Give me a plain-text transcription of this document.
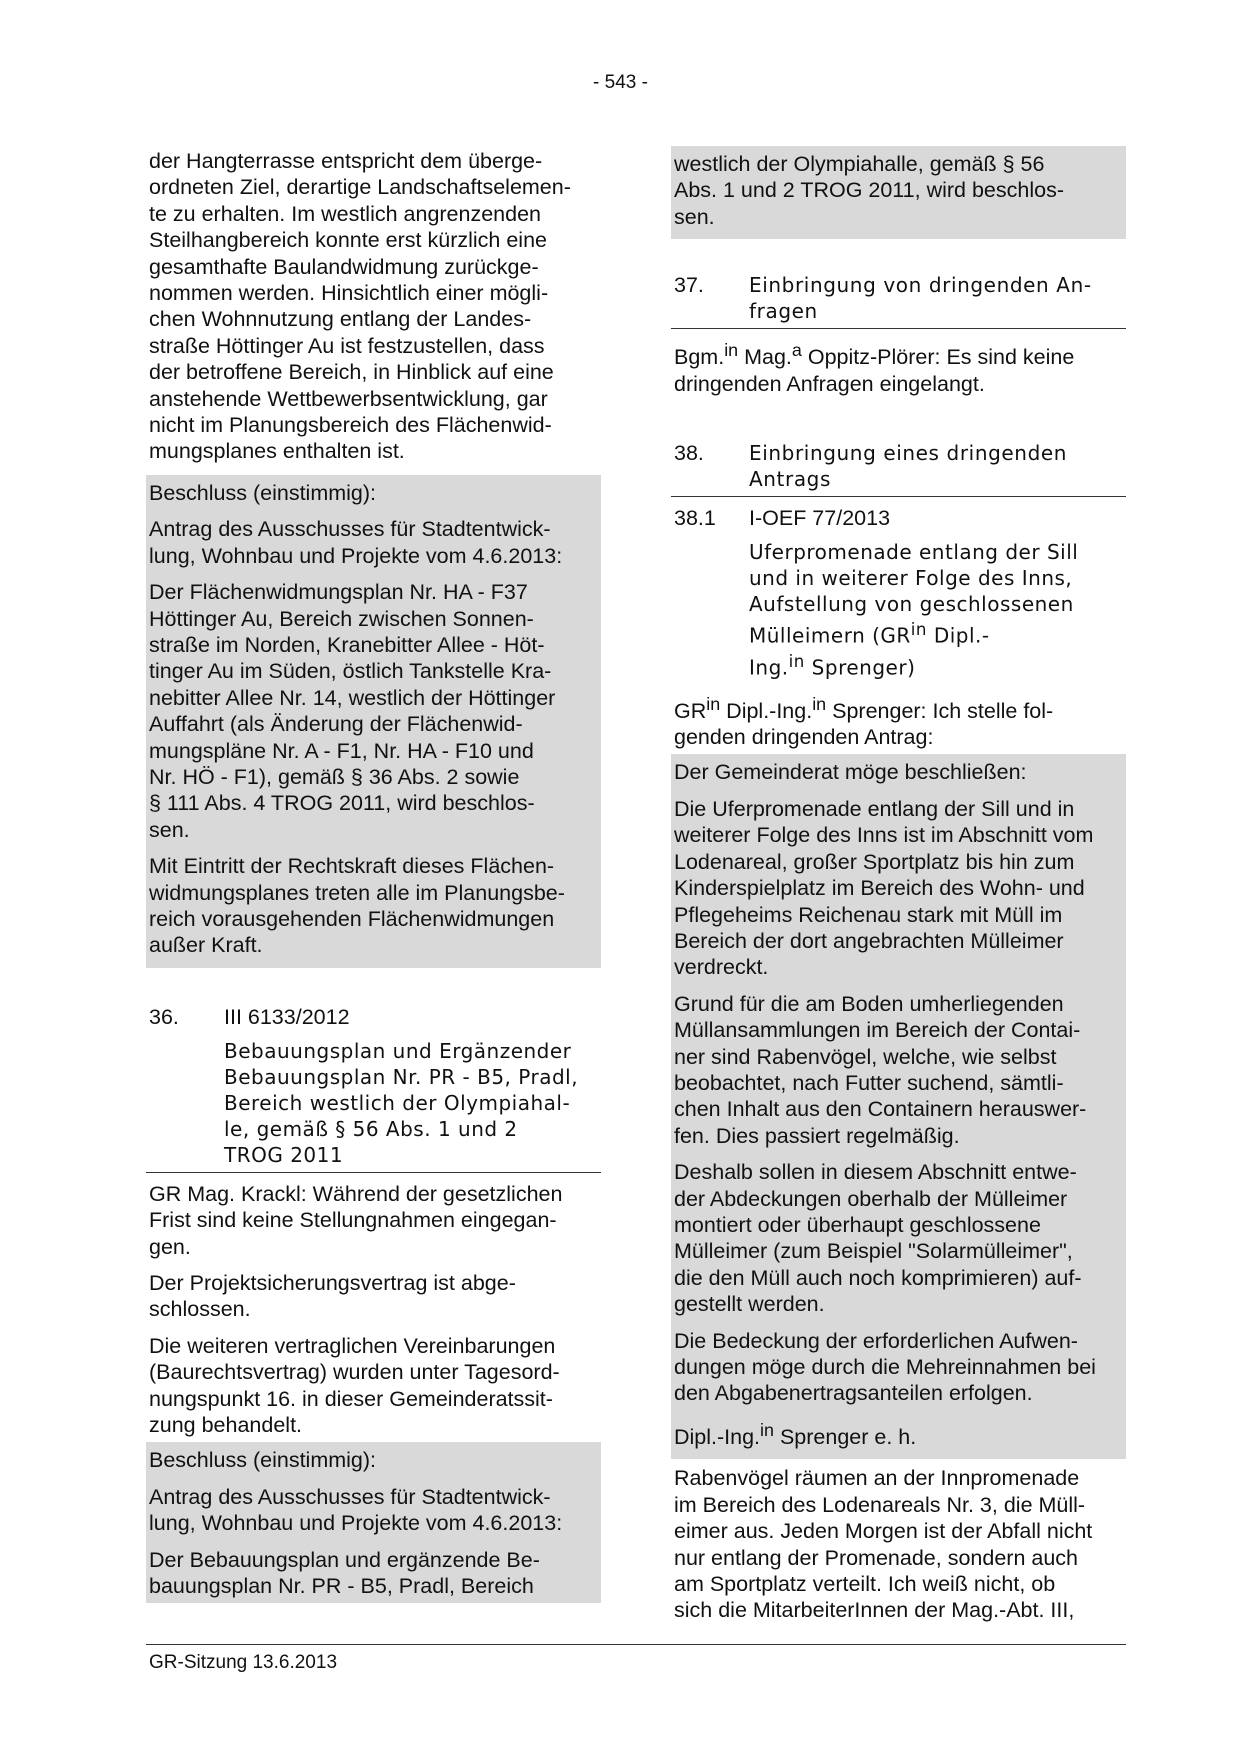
- 543 -
der Hangterrasse entspricht dem überge-
ordneten Ziel, derartige Landschaftselemen-
te zu erhalten. Im westlich angrenzenden
Steilhangbereich konnte erst kürzlich eine
gesamthafte Baulandwidmung zurückge-
nommen werden. Hinsichtlich einer mögli-
chen Wohnnutzung entlang der Landes-
straße Höttinger Au ist festzustellen, dass
der betroffene Bereich, in Hinblick auf eine
anstehende Wettbewerbsentwicklung, gar
nicht im Planungsbereich des Flächenwid-
mungsplanes enthalten ist.
Beschluss (einstimmig):
Antrag des Ausschusses für Stadtentwick-
lung, Wohnbau und Projekte vom 4.6.2013:
Der Flächenwidmungsplan Nr. HA - F37
Höttinger Au, Bereich zwischen Sonnen-
straße im Norden, Kranebitter Allee - Höt-
tinger Au im Süden, östlich Tankstelle Kra-
nebitter Allee Nr. 14, westlich der Höttinger
Auffahrt (als Änderung der Flächenwid-
mungspläne Nr. A - F1, Nr. HA - F10 und
Nr. HÖ - F1), gemäß § 36 Abs. 2 sowie
§ 111 Abs. 4 TROG 2011, wird beschlos-
sen.
Mit Eintritt der Rechtskraft dieses Flächen-
widmungsplanes treten alle im Planungsbe-
reich vorausgehenden Flächenwidmungen
außer Kraft.
36.	III 6133/2012
Bebauungsplan und Ergänzender
Bebauungsplan Nr. PR - B5, Pradl,
Bereich westlich der Olympiahal-
le, gemäß § 56 Abs. 1 und 2
TROG 2011
GR Mag. Krackl: Während der gesetzlichen
Frist sind keine Stellungnahmen eingegan-
gen.
Der Projektsicherungsvertrag ist abge-
schlossen.
Die weiteren vertraglichen Vereinbarungen
(Baurechtsvertrag) wurden unter Tagesord-
nungspunkt 16. in dieser Gemeinderatssit-
zung behandelt.
Beschluss (einstimmig):
Antrag des Ausschusses für Stadtentwick-
lung, Wohnbau und Projekte vom 4.6.2013:
Der Bebauungsplan und ergänzende Be-
bauungsplan Nr. PR - B5, Pradl, Bereich
westlich der Olympiahalle, gemäß § 56
Abs. 1 und 2 TROG 2011, wird beschlos-
sen.
37.	Einbringung von dringenden An-
fragen
Bgm.$^{in}$ Mag.$^a$ Oppitz-Plörer: Es sind keine
dringenden Anfragen eingelangt.
38.	Einbringung eines dringenden
Antrags
38.1	I-OEF 77/2013
Uferpromenade entlang der Sill
und in weiterer Folge des Inns,
Aufstellung von geschlossenen
Mülleimern ($GR^{in}$ Dipl.-
Ing.$^{in}$ Sprenger)
$GR^{in}$ Dipl.-Ing.$^{in}$ Sprenger: Ich stelle fol-
genden dringenden Antrag:
Der Gemeinderat möge beschließen:
Die Uferpromenade entlang der Sill und in
weiterer Folge des Inns ist im Abschnitt vom
Lodenareal, großer Sportplatz bis hin zum
Kinderspielplatz im Bereich des Wohn- und
Pflegeheims Reichenau stark mit Müll im
Bereich der dort angebrachten Mülleimer
verdreckt.
Grund für die am Boden umherliegenden
Müllansammlungen im Bereich der Contai-
ner sind Rabenvögel, welche, wie selbst
beobachtet, nach Futter suchend, sämtli-
chen Inhalt aus den Containern herauswer-
fen. Dies passiert regelmäßig.
Deshalb sollen in diesem Abschnitt entwe-
der Abdeckungen oberhalb der Mülleimer
montiert oder überhaupt geschlossene
Mülleimer (zum Beispiel "Solarmülleimer",
die den Müll auch noch komprimieren) auf-
gestellt werden.
Die Bedeckung der erforderlichen Aufwen-
dungen möge durch die Mehreinnahmen bei
den Abgabenertragsanteilen erfolgen.
Dipl.-Ing.$^{in}$ Sprenger e. h.
Rabenvögel räumen an der Innpromenade
im Bereich des Lodenareals Nr. 3, die Müll-
eimer aus. Jeden Morgen ist der Abfall nicht
nur entlang der Promenade, sondern auch
am Sportplatz verteilt. Ich weiß nicht, ob
sich die MitarbeiterInnen der Mag.-Abt. III,
GR-Sitzung 13.6.2013
